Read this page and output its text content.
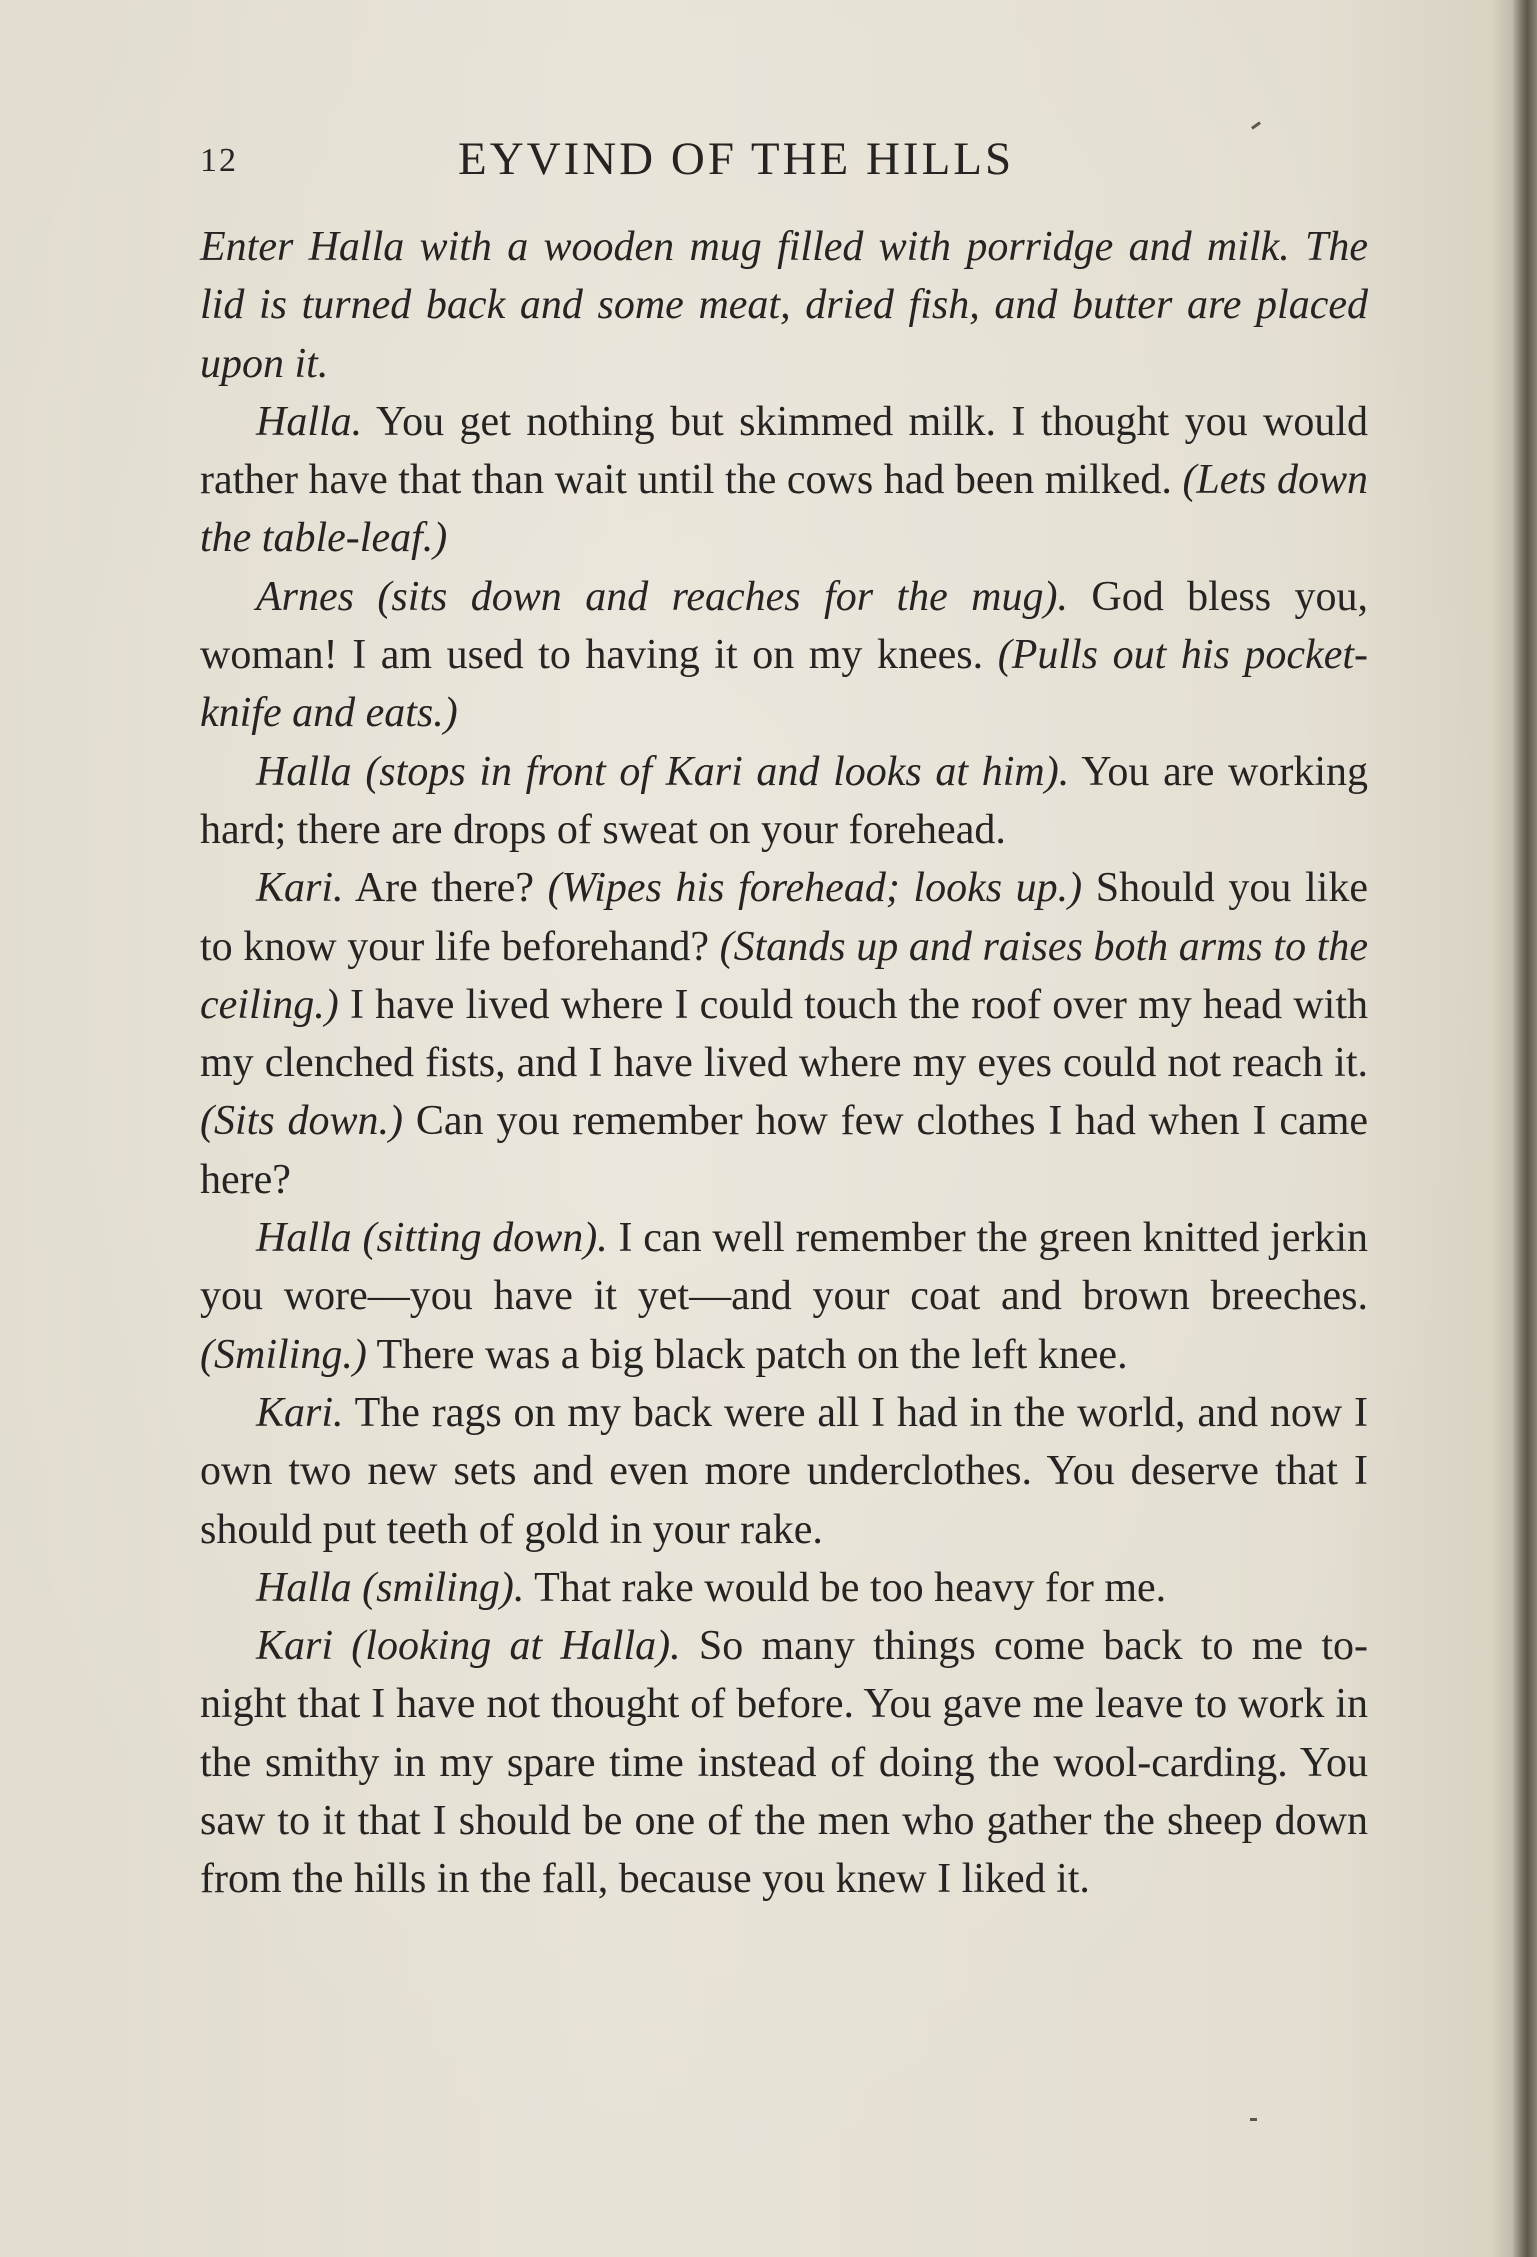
12	EYVIND OF THE HILLS

Enter Halla with a wooden mug filled with porridge and milk. The lid is turned back and some meat, dried fish, and butter are placed upon it.

Halla. You get nothing but skimmed milk. I thought you would rather have that than wait until the cows had been milked. (Lets down the table-leaf.)

Arnes (sits down and reaches for the mug). God bless you, woman! I am used to having it on my knees. (Pulls out his pocket-knife and eats.)

Halla (stops in front of Kari and looks at him). You are working hard; there are drops of sweat on your forehead.

Kari. Are there? (Wipes his forehead; looks up.) Should you like to know your life beforehand? (Stands up and raises both arms to the ceiling.) I have lived where I could touch the roof over my head with my clenched fists, and I have lived where my eyes could not reach it. (Sits down.) Can you remember how few clothes I had when I came here?

Halla (sitting down). I can well remember the green knitted jerkin you wore—you have it yet—and your coat and brown breeches. (Smiling.) There was a big black patch on the left knee.

Kari. The rags on my back were all I had in the world, and now I own two new sets and even more underclothes. You deserve that I should put teeth of gold in your rake.

Halla (smiling). That rake would be too heavy for me.

Kari (looking at Halla). So many things come back to me to-night that I have not thought of before. You gave me leave to work in the smithy in my spare time instead of doing the wool-carding. You saw to it that I should be one of the men who gather the sheep down from the hills in the fall, because you knew I liked it.
